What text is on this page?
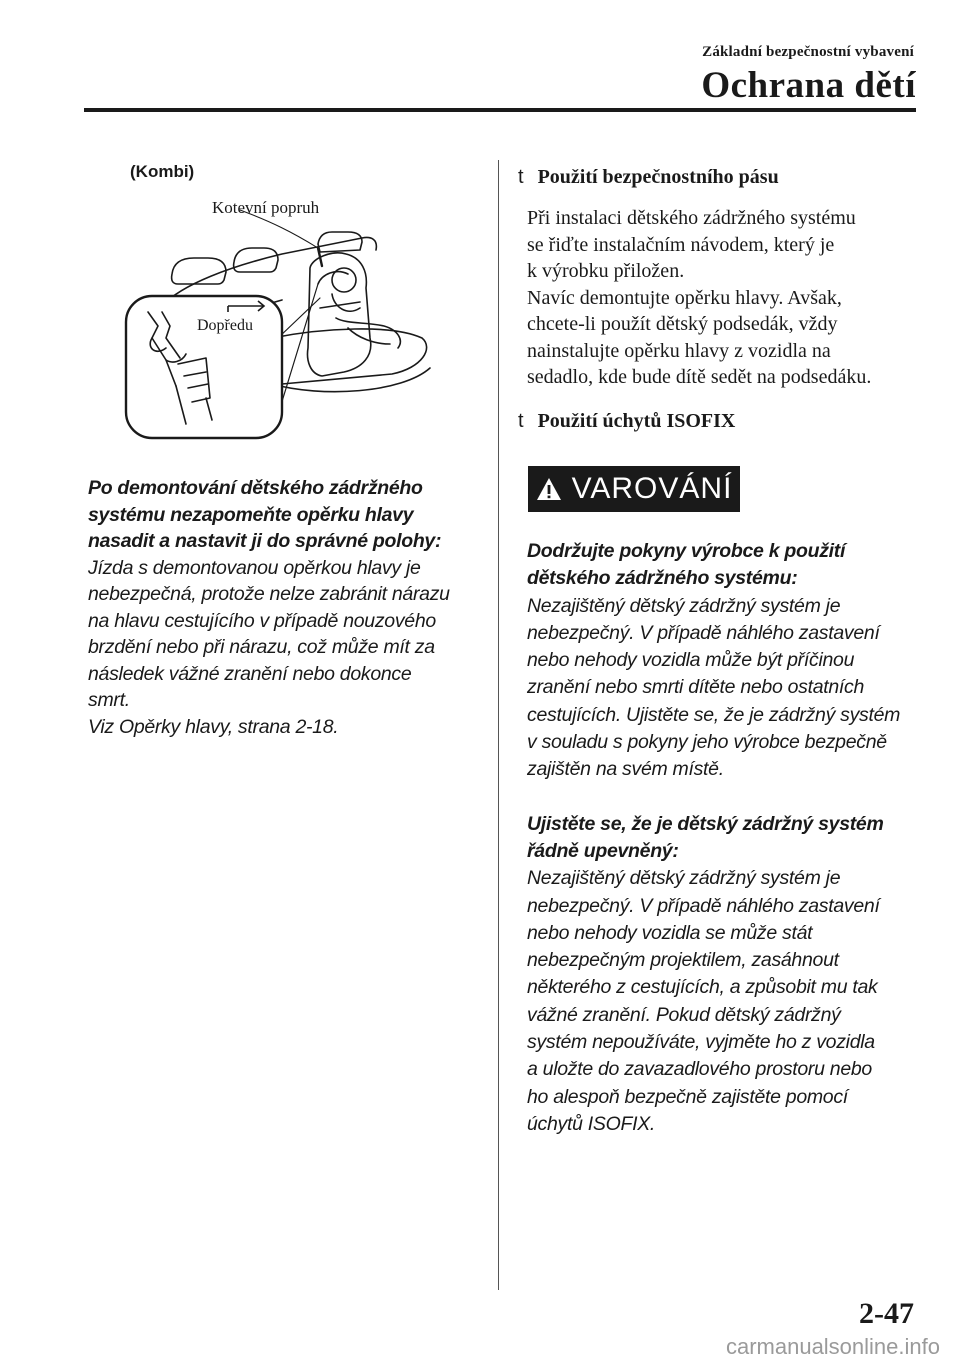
Základní bezpečnostní vybavení
Ochrana dětí
(Kombi)
Kotevní popruh
Dopředu

Po demontování dětského zádržného

systému nezapomeňte opěrku hlavy

nasadit a nastavit ji do správné polohy:

Jízda s demontovanou opěrkou hlavy je

nebezpečná, protože nelze zabránit nárazu

na hlavu cestujícího v případě nouzového

brzdění nebo při nárazu, což může mít za

následek vážné zranění nebo dokonce

smrt.

Viz Opěrky hlavy, strana 2-18.

t Použití bezpečnostního pásu

Při instalaci dětského zádržného systému

se řiďte instalačním návodem, který je

k výrobku přiložen.

Navíc demontujte opěrku hlavy. Avšak,

chcete-li použít dětský podsedák, vždy

nainstalujte opěrku hlavy z vozidla na

sedadlo, kde bude dítě sedět na podsedáku.

t Použití úchytů ISOFIX
VAROVÁNÍ

Dodržujte pokyny výrobce k použití

dětského zádržného systému:

Nezajištěný dětský zádržný systém je

nebezpečný. V případě náhlého zastavení

nebo nehody vozidla může být příčinou

zranění nebo smrti dítěte nebo ostatních

cestujících. Ujistěte se, že je zádržný systém

v souladu s pokyny jeho výrobce bezpečně

zajištěn na svém místě.

Ujistěte se, že je dětský zádržný systém

řádně upevněný:

Nezajištěný dětský zádržný systém je

nebezpečný. V případě náhlého zastavení

nebo nehody vozidla se může stát

nebezpečným projektilem, zasáhnout

některého z cestujících, a způsobit mu tak

vážné zranění. Pokud dětský zádržný

systém nepoužíváte, vyjměte ho z vozidla

a uložte do zavazadlového prostoru nebo

ho alespoň bezpečně zajistěte pomocí

úchytů ISOFIX.

2-47
carmanualsonline.info
